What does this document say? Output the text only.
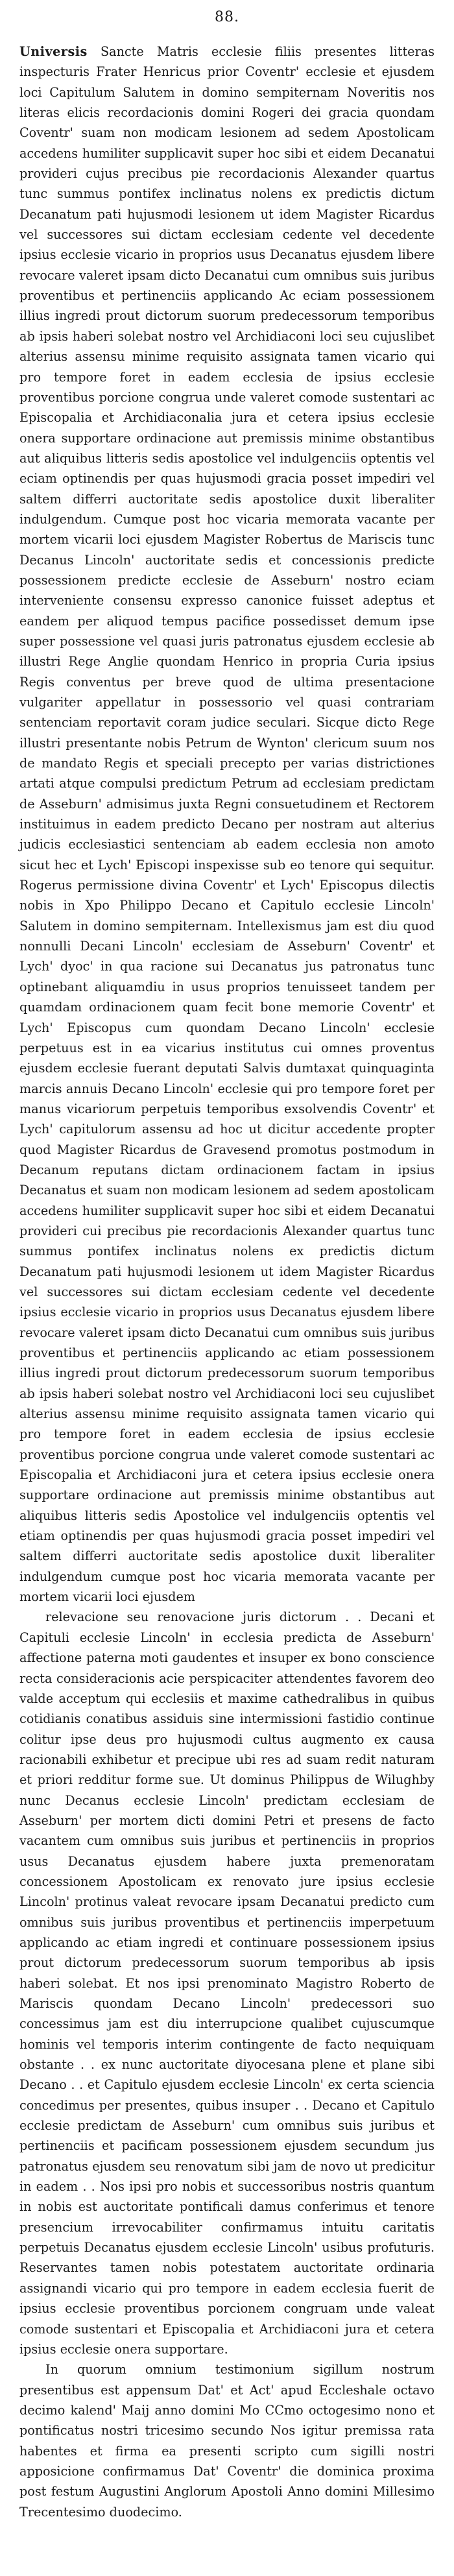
88.

Universis Sancte Matris ecclesie filiis presentes litteras inspecturis Frater Henricus prior Coventr' ecclesie et ejusdem loci Capitulum Salutem in domino sempiternam Noveritis nos literas elicis recordacionis domini Rogeri dei gracia quondam Coventr' suam non modicam lesionem ad sedem Apostolicam accedens humiliter supplicavit super hoc sibi et eidem Decanatui provideri cujus precibus pie recordacionis Alexander quartus tunc summus pontifex inclinatus nolens ex predictis dictum Decanatum pati hujusmodi lesionem ut idem Magister Ricardus vel successores sui dictam ecclesiam cedente vel decedente ipsius ecclesie vicario in proprios usus Decanatus ejusdem libere revocare valeret ipsam dicto Decanatui cum omnibus suis juribus proventibus et pertinenciis applicando Ac eciam possessionem illius ingredi prout dictorum suorum predecessorum temporibus ab ipsis haberi solebat nostro vel Archidiaconi loci seu cujuslibet alterius assensu minime requisito assignata tamen vicario qui pro tempore foret in eadem ecclesia de ipsius ecclesie proventibus porcione congrua unde valeret comode sustentari ac Episcopalia et Archidiaconalia jura et cetera ipsius ecclesie onera supportare ordinacione aut premissis minime obstantibus aut aliquibus litteris sedis apostolice vel indulgenciis optentis vel eciam optinendis per quas hujusmodi gracia posset impediri vel saltem differri auctoritate sedis apostolice duxit liberaliter indulgendum. Cumque post hoc vicaria memorata vacante per mortem vicarii loci ejusdem Magister Robertus de Mariscis tunc Decanus Lincoln' auctoritate sedis et concessionis predicte possessionem predicte ecclesie de Asseburn' nostro eciam interveniente consensu expresso canonice fuisset adeptus et eandem per aliquod tempus pacifice possedisset demum ipse super possessione vel quasi juris patronatus ejusdem ecclesie ab illustri Rege Anglie quondam Henrico in propria Curia ipsius Regis conventus per breve quod de ultima presentacione vulgariter appellatur in possessorio vel quasi contrariam sentenciam reportavit coram judice seculari. Sicque dicto Rege illustri presentante nobis Petrum de Wynton' clericum suum nos de mandato Regis et speciali precepto per varias districtiones artati atque compulsi predictum Petrum ad ecclesiam predictam de Asseburn' admisimus juxta Regni consuetudinem et Rectorem instituimus in eadem predicto Decano per nostram aut alterius judicis ecclesiastici sentenciam ab eadem ecclesia non amoto sicut hec et Lych' Episcopi inspexisse sub eo tenore qui sequitur. Rogerus permissione divina Coventr' et Lych' Episcopus dilectis nobis in Xpo Philippo Decano et Capitulo ecclesie Lincoln' Salutem in domino sempiternam. Intellexismus jam est diu quod nonnulli Decani Lincoln' ecclesiam de Asseburn' Coventr' et Lych' dyoc' in qua racione sui Decanatus jus patronatus tunc optinebant aliquamdiu in usus proprios tenuisseet tandem per quamdam ordinacionem quam fecit bone memorie Coventr' et Lych' Episcopus cum quondam Decano Lincoln' ecclesie perpetuus est in ea vicarius institutus cui omnes proventus ejusdem ecclesie fuerant deputati Salvis dumtaxat quinquaginta marcis annuis Decano Lincoln' ecclesie qui pro tempore foret per manus vicariorum perpetuis temporibus exsolvendis Coventr' et Lych' capitulorum assensu ad hoc ut dicitur accedente propter quod Magister Ricardus de Gravesend promotus postmodum in Decanum reputans dictam ordinacionem factam in ipsius Decanatus et suam non modicam lesionem ad sedem apostolicam accedens humiliter supplicavit super hoc sibi et eidem Decanatui provideri cui precibus pie recordacionis Alexander quartus tunc summus pontifex inclinatus nolens ex predictis dictum Decanatum pati hujusmodi lesionem ut idem Magister Ricardus vel successores sui dictam ecclesiam cedente vel decedente ipsius ecclesie vicario in proprios usus Decanatus ejusdem libere revocare valeret ipsam dicto Decanatui cum omnibus suis juribus proventibus et pertinenciis applicando ac etiam possessionem illius ingredi prout dictorum predecessorum suorum temporibus ab ipsis haberi solebat nostro vel Archidiaconi loci seu cujuslibet alterius assensu minime requisito assignata tamen vicario qui pro tempore foret in eadem ecclesia de ipsius ecclesie proventibus porcione congrua unde valeret comode sustentari ac Episcopalia et Archidiaconi jura et cetera ipsius ecclesie onera supportare ordinacione aut premissis minime obstantibus aut aliquibus litteris sedis Apostolice vel indulgenciis optentis vel etiam optinendis per quas hujusmodi gracia posset impediri vel saltem differri auctoritate sedis apostolice duxit liberaliter indulgendum cumque post hoc vicaria memorata vacante per mortem vicarii loci ejusdem

relevacione seu renovacione juris dictorum . . Decani et Capituli ecclesie Lincoln' in ecclesia predicta de Asseburn' affectione paterna moti gaudentes et insuper ex bono conscience recta consideracionis acie perspicaciter attendentes favorem deo valde acceptum qui ecclesiis et maxime cathedralibus in quibus cotidianis conatibus assiduis sine intermissioni fastidio continue colitur ipse deus pro hujusmodi cultus augmento ex causa racionabili exhibetur et precipue ubi res ad suam redit naturam et priori redditur forme sue. Ut dominus Philippus de Wilughby nunc Decanus ecclesie Lincoln' predictam ecclesiam de Asseburn' per mortem dicti domini Petri et presens de facto vacantem cum omnibus suis juribus et pertinenciis in proprios usus Decanatus ejusdem habere juxta premenoratam concessionem Apostolicam ex renovato jure ipsius ecclesie Lincoln' protinus valeat revocare ipsam Decanatui predicto cum omnibus suis juribus proventibus et pertinenciis imperpetuum applicando ac etiam ingredi et continuare possessionem ipsius prout dictorum predecessorum suorum temporibus ab ipsis haberi solebat. Et nos ipsi prenominato Magistro Roberto de Mariscis quondam Decano Lincoln' predecessori suo concessimus jam est diu interrupcione qualibet cujuscumque hominis vel temporis interim contingente de facto nequiquam obstante . . ex nunc auctoritate diyocesana plene et plane sibi Decano . . et Capitulo ejusdem ecclesie Lincoln' ex certa sciencia concedimus per presentes, quibus insuper . . Decano et Capitulo ecclesie predictam de Asseburn' cum omnibus suis juribus et pertinenciis et pacificam possessionem ejusdem secundum jus patronatus ejusdem seu renovatum sibi jam de novo ut predicitur in eadem . . Nos ipsi pro nobis et successoribus nostris quantum in nobis est auctoritate pontificali damus conferimus et tenore presencium irrevocabiliter confirmamus intuitu caritatis perpetuis Decanatus ejusdem ecclesie Lincoln' usibus profuturis. Reservantes tamen nobis potestatem auctoritate ordinaria assignandi vicario qui pro tempore in eadem ecclesia fuerit de ipsius ecclesie proventibus porcionem congruam unde valeat comode sustentari et Episcopalia et Archidiaconi jura et cetera ipsius ecclesie onera supportare.

In quorum omnium testimonium sigillum nostrum presentibus est appensum Dat' et Act' apud Eccleshale octavo decimo kalend' Maij anno domini Mo CCmo octogesimo nono et pontificatus nostri tricesimo secundo Nos igitur premissa rata habentes et firma ea presenti scripto cum sigilli nostri apposicione confirmamus Dat' Coventr' die dominica proxima post festum Augustini Anglorum Apostoli Anno domini Millesimo Trecentesimo duodecimo.
